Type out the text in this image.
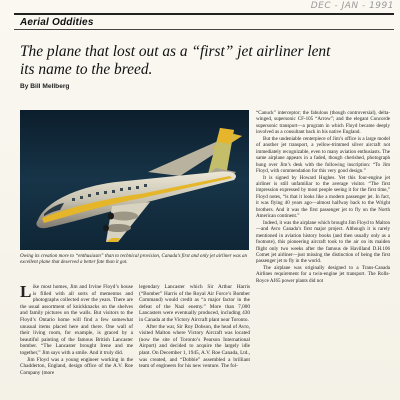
DEC - JAN - 1991
Aerial Oddities
The plane that lost out as a “first” jet airliner lent its name to the breed.
By Bill Mellberg

Owing its creation more to “enthusiasm” than to technical provision, Canada’s first and only jet airliner was an excellent plane that deserved a better fate than it got.

Like most homes, Jim and Irvine Floyd’s house is filled with all sorts of mementos and photographs collected over the years. There are the usual assortment of knickknacks on the shelves and family pictures on the walls. But visitors to the Floyd’s Ontario home will find a few somewhat unusual items placed here and there. One wall of their living room, for example, is graced by a beautiful painting of the famous British Lancaster bomber. “The Lancaster brought Irene and me together,” Jim says with a smile. And it truly did.

Jim Floyd was a young engineer working in the Chadderton, England, design office of the A.V. Roe Company (more

legendary Lancaster which Sir Arthur Harris (“Bomber” Harris of the Royal Air Force’s Bomber Command) would credit as “a major factor in the defeat of the Nazi enemy.” More than 7,000 Lancasters were eventually produced, including 430 in Canada at the Victory Aircraft plant near Toronto.

After the war, Sir Roy Dobson, the head of Avro, visited Malton where Victory Aircraft was located (now the site of Toronto’s Pearson International Airport) and decided to acquire the largely idle plant. On December 1, 1945, A.V. Roe Canada, Ltd., was created, and “Dobbie” assembled a brilliant team of engineers for his new venture. The fol-

“Canuck” interceptor; the fabulous (though controversial), delta-winged, supersonic CF-105 “Arrow”; and the elegant Concorde supersonic transport—a program in which Floyd became deeply involved as a consultant back in his native England.

But the undeniable centerpiece of Jim’s office is a large model of another jet transport, a yellow-trimmed silver aircraft not immediately recognizable, even to many aviation enthusiasts. The same airplane appears in a faded, though cherished, photograph hung over Jim’s desk with the following inscription: “To Jim Floyd, with commendation for this very good design.”

It is signed by Howard Hughes. Yet this four-engine jet airliner is still unfamiliar to the average visitor. “The first impression expressed by most people seeing it for the first time,” Floyd notes, “is that it looks like a modern passenger jet. In fact, it was flying 40 years ago—almost halfway back to the Wright brothers. And it was the first passenger jet to fly on the North American continent.”

Indeed, it was the airplane which brought Jim Floyd to Malton—and Avro Canada’s first major project. Although it is rarely mentioned in aviation history books (and then usually only as a footnote), this pioneering aircraft took to the air on its maiden flight only two weeks after the famous de Havilland D.H.106 Comet jet airliner—just missing the distinction of being the first passenger jet to fly in the world.

The airplane was originally designed to a Trans-Canada Airlines requirement for a twin-engine jet transport. The Rolls-Royce AJ65 power plants did not
